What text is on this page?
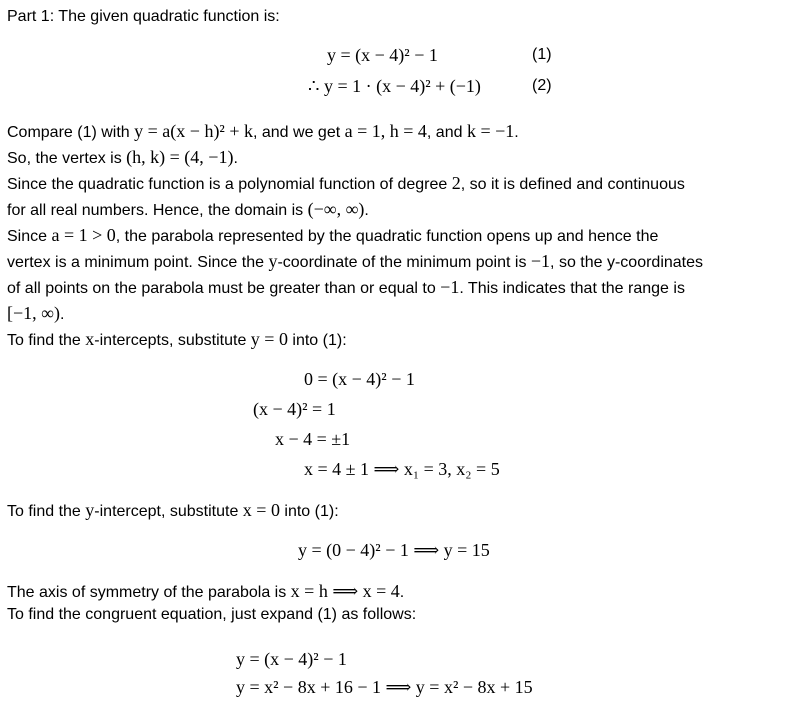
Part 1: The given quadratic function is:
y = (x − 4)² − 1	(1)
∴ y = 1 · (x − 4)² + (−1)	(2)
Compare (1) with y = a(x − h)² + k, and we get a = 1, h = 4, and k = −1.
So, the vertex is (h, k) = (4, −1).
Since the quadratic function is a polynomial function of degree 2, so it is defined and continuous
for all real numbers. Hence, the domain is (−∞, ∞).
Since a = 1 > 0, the parabola represented by the quadratic function opens up and hence the
vertex is a minimum point. Since the y-coordinate of the minimum point is −1, so the y-coordinates
of all points on the parabola must be greater than or equal to −1. This indicates that the range is
[−1, ∞).
To find the x-intercepts, substitute y = 0 into (1):
0 = (x − 4)² − 1
(x − 4)² = 1
x − 4 = ±1
x = 4 ± 1 ⟹ x₁ = 3, x₂ = 5
To find the y-intercept, substitute x = 0 into (1):
y = (0 − 4)² − 1 ⟹ y = 15
The axis of symmetry of the parabola is x = h ⟹ x = 4.
To find the congruent equation, just expand (1) as follows:
y = (x − 4)² − 1
y = x² − 8x + 16 − 1 ⟹ y = x² − 8x + 15
